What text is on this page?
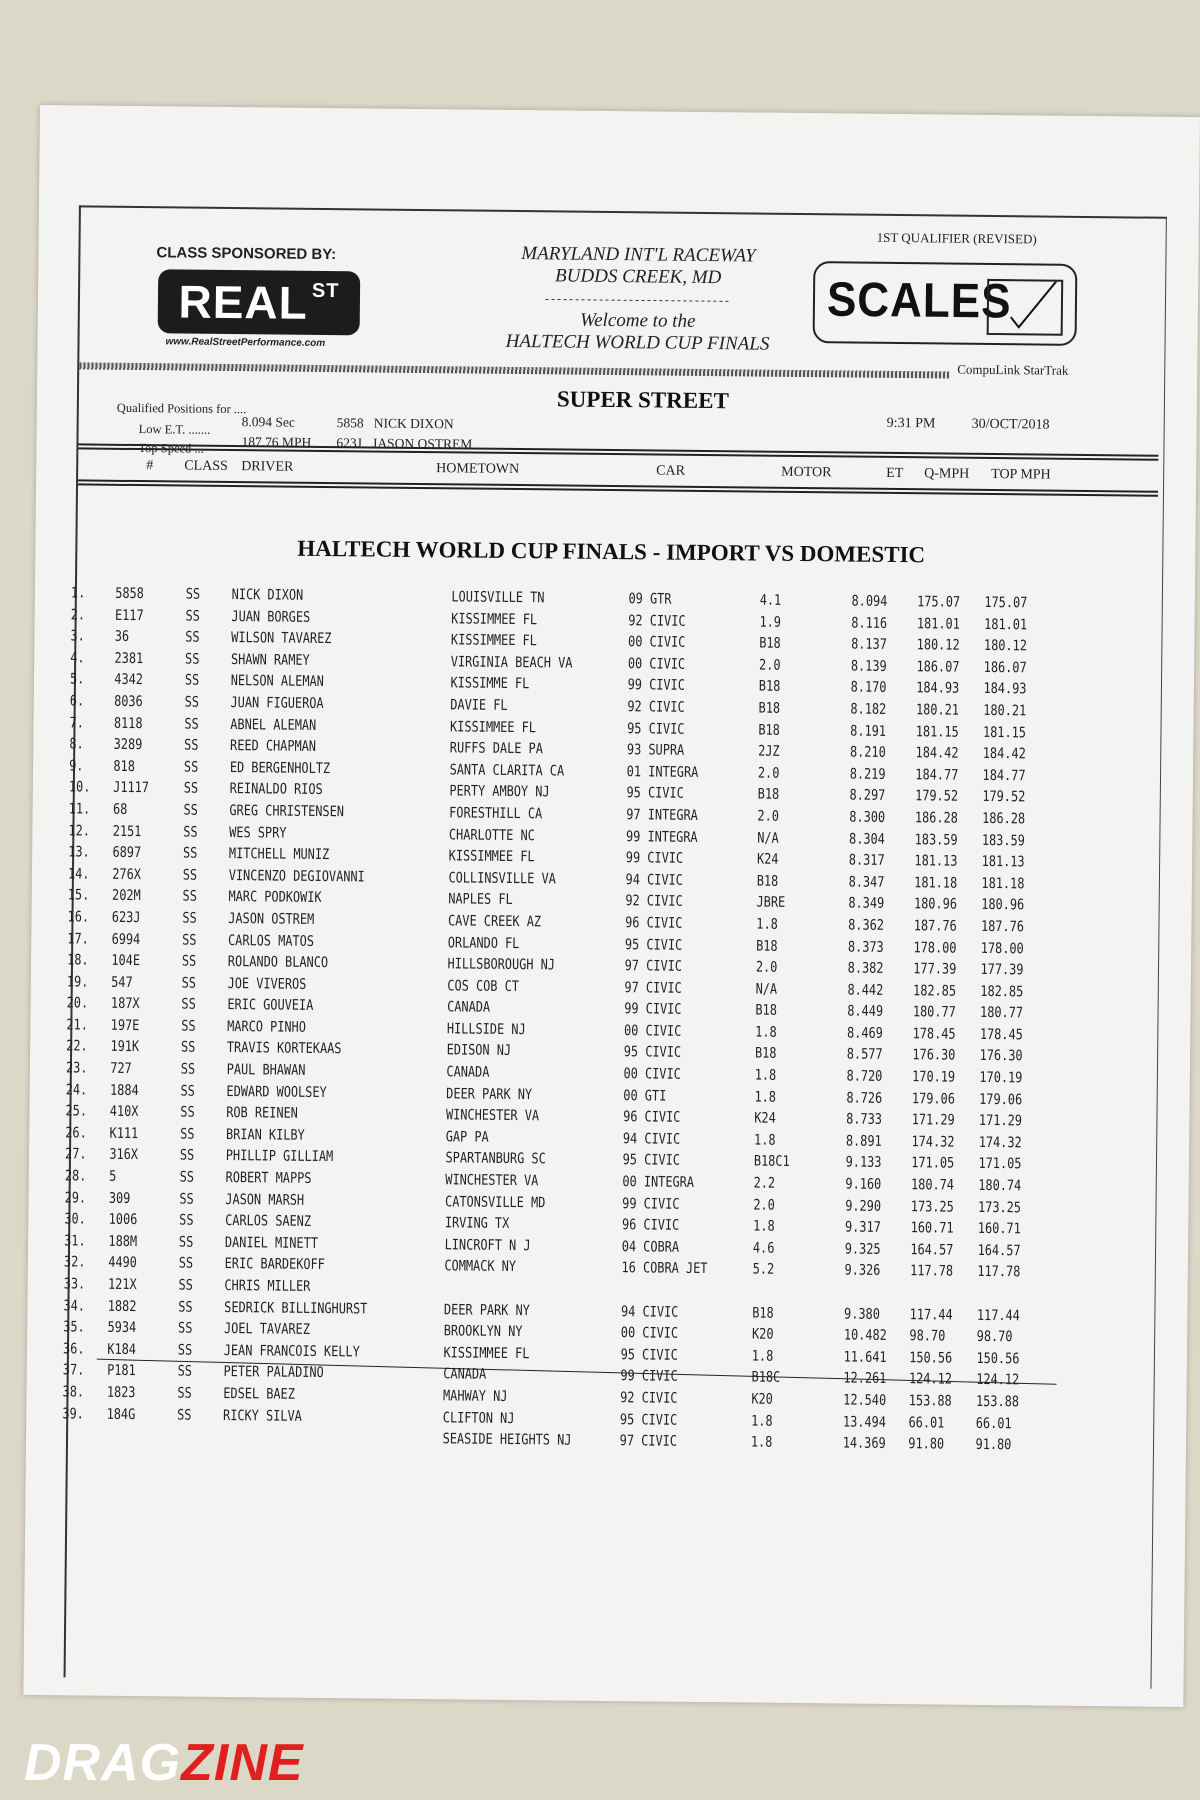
CLASS SPONSORED BY:
$REAL^{ST}$
www.RealStreetPerformance.com
MARYLAND INT'L RACEWAY
BUDDS CREEK, MD
-------------------------------
Welcome to the
HALTECH WORLD CUP FINALS
1ST QUALIFIER (REVISED)
SCALES
CompuLink StarTrak
Qualified Positions for ....
Low E.T. .......
Top Speed ...
8.094 Sec
187.76 MPH
5858   NICK DIXON
623J   JASON OSTREM
SUPER STREET
9:31 PM	30/OCT/2018
# CLASS DRIVER	HOMETOWN	CAR	MOTOR	ET Q-MPH TOP MPH
HALTECH WORLD CUP FINALS - IMPORT VS DOMESTIC
1. 5858	SS NICK DIXON	LOUISVILLE TN	09 GTR	4.1	8.094 175.07 175.07
2. E117	SS JUAN BORGES	KISSIMMEE FL	92 CIVIC	1.9	8.116 181.01 181.01
3. 36	SS WILSON TAVAREZ	KISSIMMEE FL	00 CIVIC	B18	8.137 180.12 180.12
4. 2381	SS SHAWN RAMEY	VIRGINIA BEACH VA	00 CIVIC	2.0	8.139 186.07 186.07
5. 4342	SS NELSON ALEMAN	KISSIMME FL	99 CIVIC	B18	8.170 184.93 184.93
6. 8036	SS JUAN FIGUEROA	DAVIE FL	92 CIVIC	B18	8.182 180.21 180.21
7. 8118	SS ABNEL ALEMAN	KISSIMMEE FL	95 CIVIC	B18	8.191 181.15 181.15
8. 3289	SS REED CHAPMAN	RUFFS DALE PA	93 SUPRA	2JZ	8.210 184.42 184.42
9. 818	SS ED BERGENHOLTZ	SANTA CLARITA CA	01 INTEGRA	2.0	8.219 184.77 184.77
10. J1117 SS REINALDO RIOS	PERTY AMBOY NJ	95 CIVIC	B18	8.297 179.52 179.52
11. 68	SS GREG CHRISTENSEN	FORESTHILL CA	97 INTEGRA	2.0	8.300 186.28 186.28
12. 2151	SS WES SPRY	CHARLOTTE NC	99 INTEGRA	N/A	8.304 183.59 183.59
13. 6897	SS MITCHELL MUNIZ	KISSIMMEE FL	99 CIVIC	K24	8.317 181.13 181.13
14. 276X	SS VINCENZO DEGIOVANNI	COLLINSVILLE VA	94 CIVIC	B18	8.347 181.18 181.18
15. 202M	SS MARC PODKOWIK	NAPLES FL	92 CIVIC	JBRE	8.349 180.96 180.96
16. 623J	SS JASON OSTREM	CAVE CREEK AZ	96 CIVIC	1.8	8.362 187.76 187.76
17. 6994	SS CARLOS MATOS	ORLANDO FL	95 CIVIC	B18	8.373 178.00 178.00
18. 104E	SS ROLANDO BLANCO	HILLSBOROUGH NJ	97 CIVIC	2.0	8.382 177.39 177.39
19. 547	SS JOE VIVEROS	COS COB CT	97 CIVIC	N/A	8.442 182.85 182.85
20. 187X	SS ERIC GOUVEIA	CANADA	99 CIVIC	B18	8.449 180.77 180.77
21. 197E	SS MARCO PINHO	HILLSIDE NJ	00 CIVIC	1.8	8.469 178.45 178.45
22. 191K	SS TRAVIS KORTEKAAS	EDISON NJ	95 CIVIC	B18	8.577 176.30 176.30
23. 727	SS PAUL BHAWAN	CANADA	00 CIVIC	1.8	8.720 170.19 170.19
24. 1884	SS EDWARD WOOLSEY	DEER PARK NY	00 GTI	1.8	8.726 179.06 179.06
25. 410X	SS ROB REINEN	WINCHESTER VA	96 CIVIC	K24	8.733 171.29 171.29
26. K111	SS BRIAN KILBY	GAP PA	94 CIVIC	1.8	8.891 174.32 174.32
27. 316X	SS PHILLIP GILLIAM	SPARTANBURG SC	95 CIVIC	B18C1	9.133 171.05 171.05
28. 5	SS ROBERT MAPPS	WINCHESTER VA	00 INTEGRA	2.2	9.160 180.74 180.74
29. 309	SS JASON MARSH	CATONSVILLE MD	99 CIVIC	2.0	9.290 173.25 173.25
30. 1006	SS CARLOS SAENZ	IRVING TX	96 CIVIC	1.8	9.317 160.71 160.71
31. 188M	SS DANIEL MINETT	LINCROFT N J	04 COBRA	4.6	9.325 164.57 164.57
32. 4490	SS ERIC BARDEKOFF	COMMACK NY	16 COBRA JET	5.2	9.326 117.78 117.78
33. 121X	SS CHRIS MILLER
34. 1882	SS SEDRICK BILLINGHURST	DEER PARK NY	94 CIVIC	B18	9.380 117.44 117.44
35. 5934	SS JOEL TAVAREZ	BROOKLYN NY	00 CIVIC	K20	10.482 98.70 98.70
36. K184	SS JEAN FRANCOIS KELLY	KISSIMMEE FL	95 CIVIC	1.8	11.641 150.56 150.56
37. P181	SS PETER PALADINO	CANADA	99 CIVIC	B18C	12.261 124.12 124.12
38. 1823	SS EDSEL BAEZ	MAHWAY NJ	92 CIVIC	K20	12.540 153.88 153.88
39. 184G	SS RICKY SILVA	CLIFTON NJ	95 CIVIC	1.8	13.494 66.01 66.01
SEASIDE HEIGHTS NJ	97 CIVIC	1.8	14.369 91.80 91.80
DRAGZINE
